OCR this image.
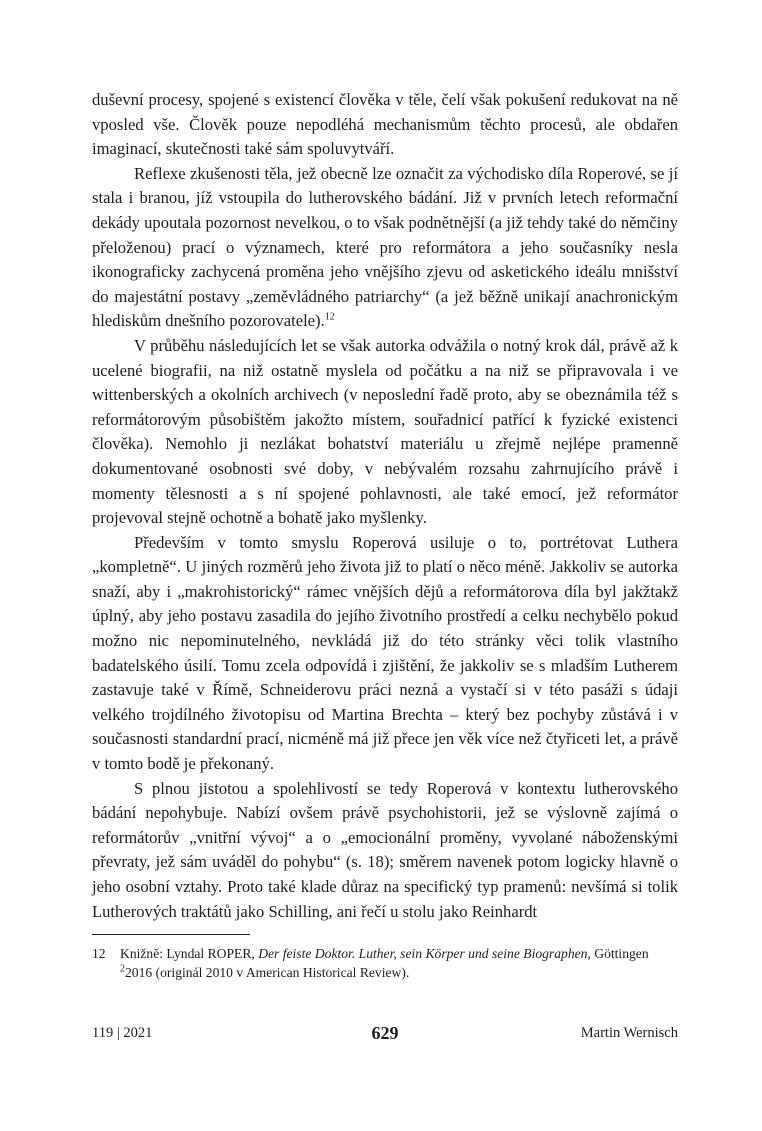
duševní procesy, spojené s existencí člověka v těle, čelí však pokušení redukovat na ně vposled vše. Člověk pouze nepodléhá mechanismům těchto procesů, ale obdařen imaginací, skutečnosti také sám spoluvytváří.

Reflexe zkušenosti těla, jež obecně lze označit za východisko díla Roperové, se jí stala i branou, jíž vstoupila do lutherovského bádání. Již v prvních letech reformační dekády upoutala pozornost nevelkou, o to však podnětnější (a již tehdy také do němčiny přeloženou) prací o významech, které pro reformátora a jeho současníky nesla ikonograficky zachycená proměna jeho vnějšího zjevu od asketického ideálu mnišství do majestátní postavy „zeměvládného patriarchy“ (a jež běžně unikají anachronickým hlediskům dnešního pozorovatele).$^{12}$

V průběhu následujících let se však autorka odvážila o notný krok dál, právě až k ucelené biografii, na niž ostatně myslela od počátku a na niž se připravovala i ve wittenberských a okolních archivech (v neposlední řadě proto, aby se obeznámila též s reformátorovým působištěm jakožto místem, souřadnicí patřící k fyzické existenci člověka). Nemohlo ji nezlákat bohatství materiálu u zřejmě nejlépe pramenně dokumentované osobnosti své doby, v nebývalém rozsahu zahrnujícího právě i momenty tělesnosti a s ní spojené pohlavnosti, ale také emocí, jež reformátor projevoval stejně ochotně a bohatě jako myšlenky.

Především v tomto smyslu Roperová usiluje o to, portrétovat Luthera „kompletně“. U jiných rozměrů jeho života již to platí o něco méně. Jakkoliv se autorka snaží, aby i „makrohistorický“ rámec vnějších dějů a reformátorova díla byl jakžtakž úplný, aby jeho postavu zasadila do jejího životního prostředí a celku nechybělo pokud možno nic nepominutelného, nevkládá již do této stránky věci tolik vlastního badatelského úsilí. Tomu zcela odpovídá i zjištění, že jakkoliv se s mladším Lutherem zastavuje také v Římě, Schneiderovu práci nezná a vystačí si v této pasáži s údaji velkého trojdílného životopisu od Martina Brechta – který bez pochyby zůstává i v současnosti standardní prací, nicméně má již přece jen věk více než čtyřiceti let, a právě v tomto bodě je překonaný.

S plnou jistotou a spolehlivostí se tedy Roperová v kontextu lutherovského bádání nepohybuje. Nabízí ovšem právě psychohistorii, jež se výslovně zajímá o reformátorův „vnitřní vývoj“ a o „emocionální proměny, vyvolané náboženskými převraty, jež sám uváděl do pohybu“ (s. 18); směrem navenek potom logicky hlavně o jeho osobní vztahy. Proto také klade důraz na specifický typ pramenů: nevšímá si tolik Lutherových traktátů jako Schilling, ani řečí u stolu jako Reinhardt

12 Knižně: Lyndal ROPER, Der feiste Doktor. Luther, sein Körper und seine Biographen, Göttingen
$^2$2016 (originál 2010 v American Historical Review).
119 | 2021	629	Martin Wernisch
